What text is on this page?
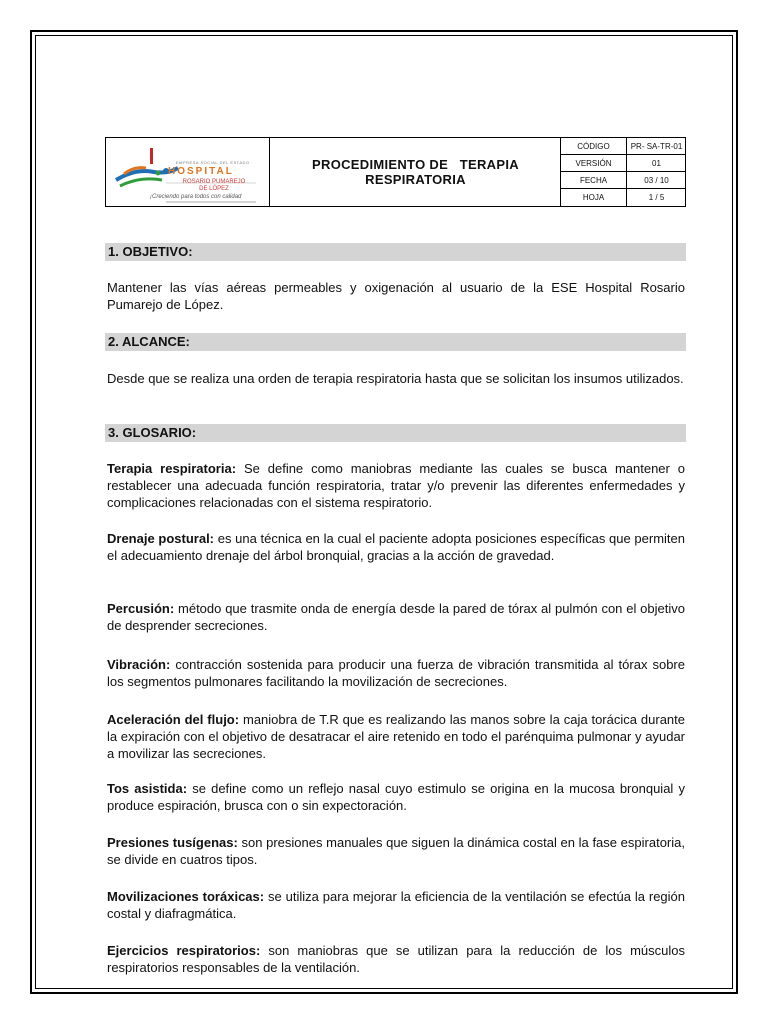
EMPRESA SOCIAL DEL ESTADO
HOSPITAL
ROSARIO PUMAREJO
DE LÓPEZ
¡Creciendo para todos con calidad
PROCEDIMIENTO DE   TERAPIA
RESPIRATORIA
CÓDIGO	PR- SA-TR-01
VERSIÓN	01
FECHA	03 / 10
HOJA	1 / 5
1. OBJETIVO:
Mantener las vías aéreas permeables y oxigenación al usuario de la ESE Hospital Rosario Pumarejo de López.
2. ALCANCE:
Desde que se realiza una orden de terapia respiratoria hasta que se solicitan los insumos utilizados.
3. GLOSARIO:
Terapia respiratoria: Se define como maniobras mediante las cuales se busca mantener o restablecer una adecuada función respiratoria, tratar y/o prevenir las diferentes enfermedades y complicaciones relacionadas con el sistema respiratorio.
Drenaje postural: es una técnica en la cual el paciente adopta posiciones específicas que permiten el adecuamiento drenaje del árbol bronquial, gracias a la acción de gravedad.
Percusión: método que trasmite onda de energía desde la pared de tórax al pulmón con el objetivo de desprender secreciones.
Vibración: contracción sostenida para producir una fuerza de vibración transmitida al tórax sobre los segmentos pulmonares facilitando la movilización de secreciones.
Aceleración del flujo: maniobra de T.R que es realizando las manos sobre la caja torácica durante la expiración con el objetivo de desatracar el aire retenido en todo el parénquima pulmonar y ayudar a movilizar las secreciones.
Tos asistida: se define como un reflejo nasal cuyo estimulo se origina en la mucosa bronquial y produce espiración, brusca con o sin expectoración.
Presiones tusígenas: son presiones manuales que siguen la dinámica costal en la fase espiratoria, se divide en cuatros tipos.
Movilizaciones toráxicas: se utiliza para mejorar la eficiencia de la ventilación se efectúa la región costal y diafragmática.
Ejercicios respiratorios: son maniobras que se utilizan para la reducción de los músculos respiratorios responsables de la ventilación.
